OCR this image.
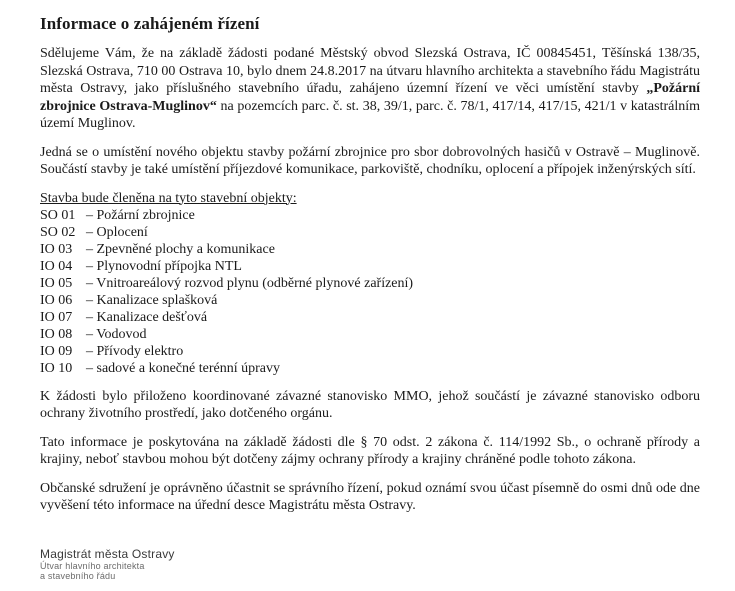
Informace o zahájeném řízení

Sdělujeme Vám, že na základě žádosti podané Městský obvod Slezská Ostrava, IČ 00845451, Těšínská 138/35, Slezská Ostrava, 710 00 Ostrava 10, bylo dnem 24.8.2017 na útvaru hlavního architekta a stavebního řádu Magistrátu města Ostravy, jako příslušného stavebního úřadu, zahájeno územní řízení ve věci umístění stavby „Požární zbrojnice Ostrava-Muglinov“ na pozemcích parc. č. st. 38, 39/1, parc. č. 78/1, 417/14, 417/15, 421/1 v katastrálním území Muglinov.

Jedná se o umístění nového objektu stavby požární zbrojnice pro sbor dobrovolných hasičů v Ostravě – Muglinově. Součástí stavby je také umístění příjezdové komunikace, parkoviště, chodníku, oplocení a přípojek inženýrských sítí.

Stavba bude členěna na tyto stavební objekty:

SO 01 – Požární zbrojnice
SO 02 – Oplocení
IO 03 – Zpevněné plochy a komunikace
IO 04 – Plynovodní přípojka NTL
IO 05 – Vnitroareálový rozvod plynu (odběrné plynové zařízení)
IO 06 – Kanalizace splašková
IO 07 – Kanalizace dešťová
IO 08 – Vodovod
IO 09 – Přívody elektro
IO 10 – sadové a konečné terénní úpravy

K žádosti bylo přiloženo koordinované závazné stanovisko MMO, jehož součástí je závazné stanovisko odboru ochrany životního prostředí, jako dotčeného orgánu.

Tato informace je poskytována na základě žádosti dle § 70 odst. 2 zákona č. 114/1992 Sb., o ochraně přírody a krajiny, neboť stavbou mohou být dotčeny zájmy ochrany přírody a krajiny chráněné podle tohoto zákona.

Občanské sdružení je oprávněno účastnit se správního řízení, pokud oznámí svou účast písemně do osmi dnů ode dne vyvěšení této informace na úřední desce Magistrátu města Ostravy.

Magistrát města Ostravy
Útvar hlavního architekta
a stavebního řádu
